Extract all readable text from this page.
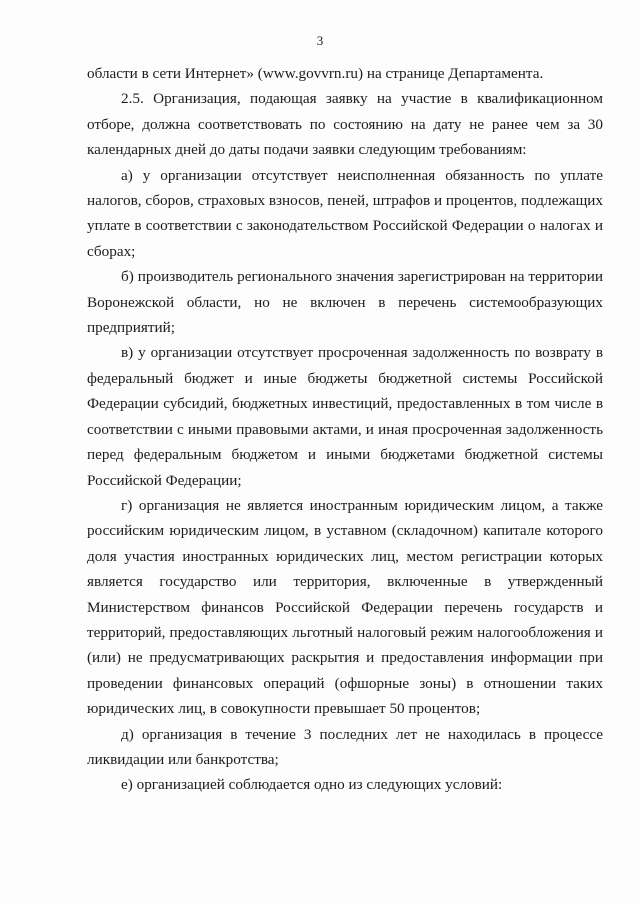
3

области в сети Интернет» (www.govvrn.ru) на странице Департамента.

2.5. Организация, подающая заявку на участие в квалификационном отборе, должна соответствовать по состоянию на дату не ранее чем за 30 календарных дней до даты подачи заявки следующим требованиям:

а) у организации отсутствует неисполненная обязанность по уплате налогов, сборов, страховых взносов, пеней, штрафов и процентов, подлежащих уплате в соответствии с законодательством Российской Федерации о налогах и сборах;

б) производитель регионального значения зарегистрирован на территории Воронежской области, но не включен в перечень системообразующих предприятий;

в) у организации отсутствует просроченная задолженность по возврату в федеральный бюджет и иные бюджеты бюджетной системы Российской Федерации субсидий, бюджетных инвестиций, предоставленных в том числе в соответствии с иными правовыми актами, и иная просроченная задолженность перед федеральным бюджетом и иными бюджетами бюджетной системы Российской Федерации;

г) организация не является иностранным юридическим лицом, а также российским юридическим лицом, в уставном (складочном) капитале которого доля участия иностранных юридических лиц, местом регистрации которых является государство или территория, включенные в утвержденный Министерством финансов Российской Федерации перечень государств и территорий, предоставляющих льготный налоговый режим налогообложения и (или) не предусматривающих раскрытия и предоставления информации при проведении финансовых операций (офшорные зоны) в отношении таких юридических лиц, в совокупности превышает 50 процентов;

д) организация в течение 3 последних лет не находилась в процессе ликвидации или банкротства;

е) организацией соблюдается одно из следующих условий:
